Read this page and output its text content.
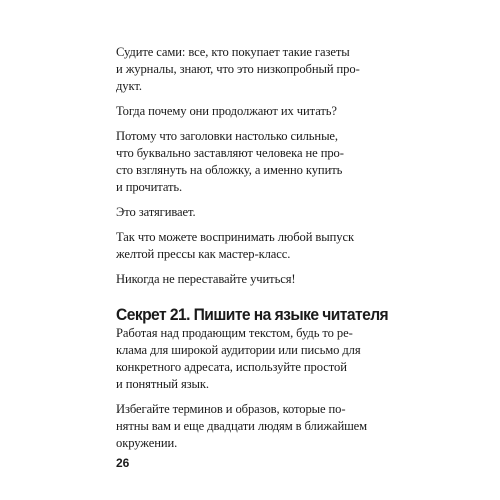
Судите сами: все, кто покупает такие газеты
и журналы, знают, что это низкопробный про-
дукт.

Тогда почему они продолжают их читать?

Потому что заголовки настолько сильные,
что буквально заставляют человека не про-
сто взглянуть на обложку, а именно купить
и прочитать.

Это затягивает.

Так что можете воспринимать любой выпуск
желтой прессы как мастер-класс.

Никогда не переставайте учиться!

Секрет 21. Пишите на языке читателя

Работая над продающим текстом, будь то ре-
клама для широкой аудитории или письмо для
конкретного адресата, используйте простой
и понятный язык.

Избегайте терминов и образов, которые по-
нятны вам и еще двадцати людям в ближайшем
окружении.

26
